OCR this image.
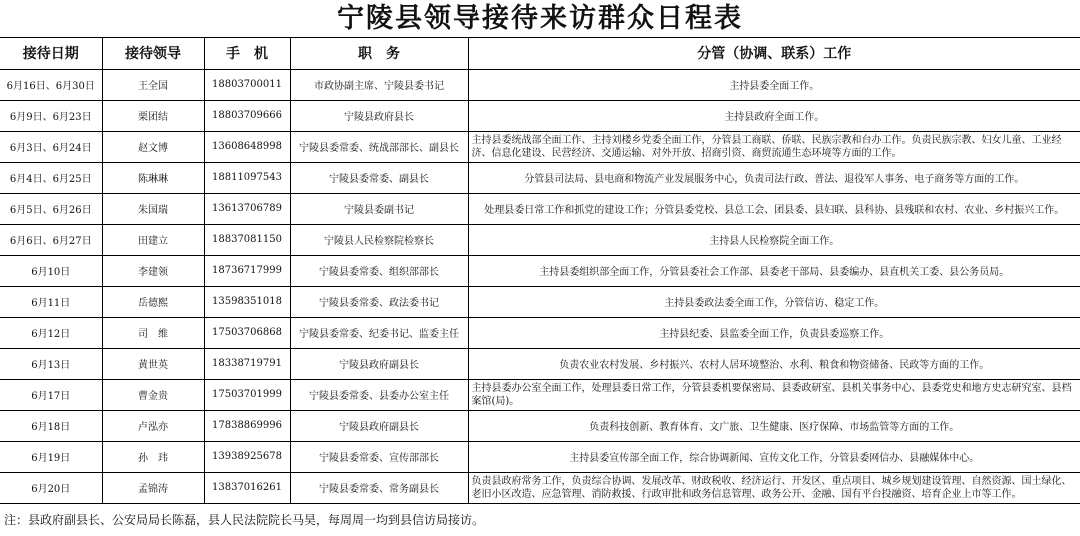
宁陵县领导接待来访群众日程表
接待日期	接待领导	手　机	职　务	分管（协调、联系）工作
6月16日、6月30日	王全国	18803700011	市政协副主席、宁陵县委书记	主持县委全面工作。
6月9日、6月23日	栗团结	18803709666	宁陵县政府县长	主持县政府全面工作。
6月3日、6月24日	赵文博	13608648998	宁陵县委常委、统战部部长、副县长	主持县委统战部全面工作、主持刘楼乡党委全面工作，分管县工商联、侨联、民族宗教和台办工作。负责民族宗教、妇女儿童、工业经济、信息化建设、民营经济、交通运输、对外开放、招商引资、商贸流通生态环境等方面的工作。
6月4日、6月25日	陈琳琳	18811097543	宁陵县委常委、副县长	分管县司法局、县电商和物流产业发展服务中心，负责司法行政、普法、退役军人事务、电子商务等方面的工作。
6月5日、6月26日	朱国瑞	13613706789	宁陵县委副书记	处理县委日常工作和抓党的建设工作；分管县委党校、县总工会、团县委、县妇联、县科协、县残联和农村、农业、乡村振兴工作。
6月6日、6月27日	田建立	18837081150	宁陵县人民检察院检察长	主持县人民检察院全面工作。
6月10日	李建领	18736717999	宁陵县委常委、组织部部长	主持县委组织部全面工作，分管县委社会工作部、县委老干部局、县委编办、县直机关工委、县公务员局。
6月11日	岳德熙	13598351018	宁陵县委常委、政法委书记	主持县委政法委全面工作，分管信访、稳定工作。
6月12日	司　维	17503706868	宁陵县委常委、纪委书记、监委主任	主持县纪委、县监委全面工作，负责县委巡察工作。
6月13日	黄世英	18338719791	宁陵县政府副县长	负责农业农村发展、乡村振兴、农村人居环境整治、水利、粮食和物资储备、民政等方面的工作。
6月17日	曹金贵	17503701999	宁陵县委常委、县委办公室主任	主持县委办公室全面工作，处理县委日常工作，分管县委机要保密局、县委政研室、县机关事务中心、县委党史和地方史志研究室、县档案馆(局)。
6月18日	卢泓亦	17838869996	宁陵县政府副县长	负责科技创新、教育体育、文广旅、卫生健康、医疗保障、市场监管等方面的工作。
6月19日	孙　玮	13938925678	宁陵县委常委、宣传部部长	主持县委宣传部全面工作，综合协调新闻、宣传文化工作，分管县委网信办、县融媒体中心。
6月20日	孟锦涛	13837016261	宁陵县委常委、常务副县长	负责县政府常务工作，负责综合协调、发展改革、财政税收、经济运行、开发区、重点项目、城乡规划建设管理、自然资源、国土绿化、老旧小区改造、应急管理、消防救援、行政审批和政务信息管理、政务公开、金融、国有平台投融资、培育企业上市等工作。
注：县政府副县长、公安局局长陈磊，县人民法院院长马昊，每周周一均到县信访局接访。
